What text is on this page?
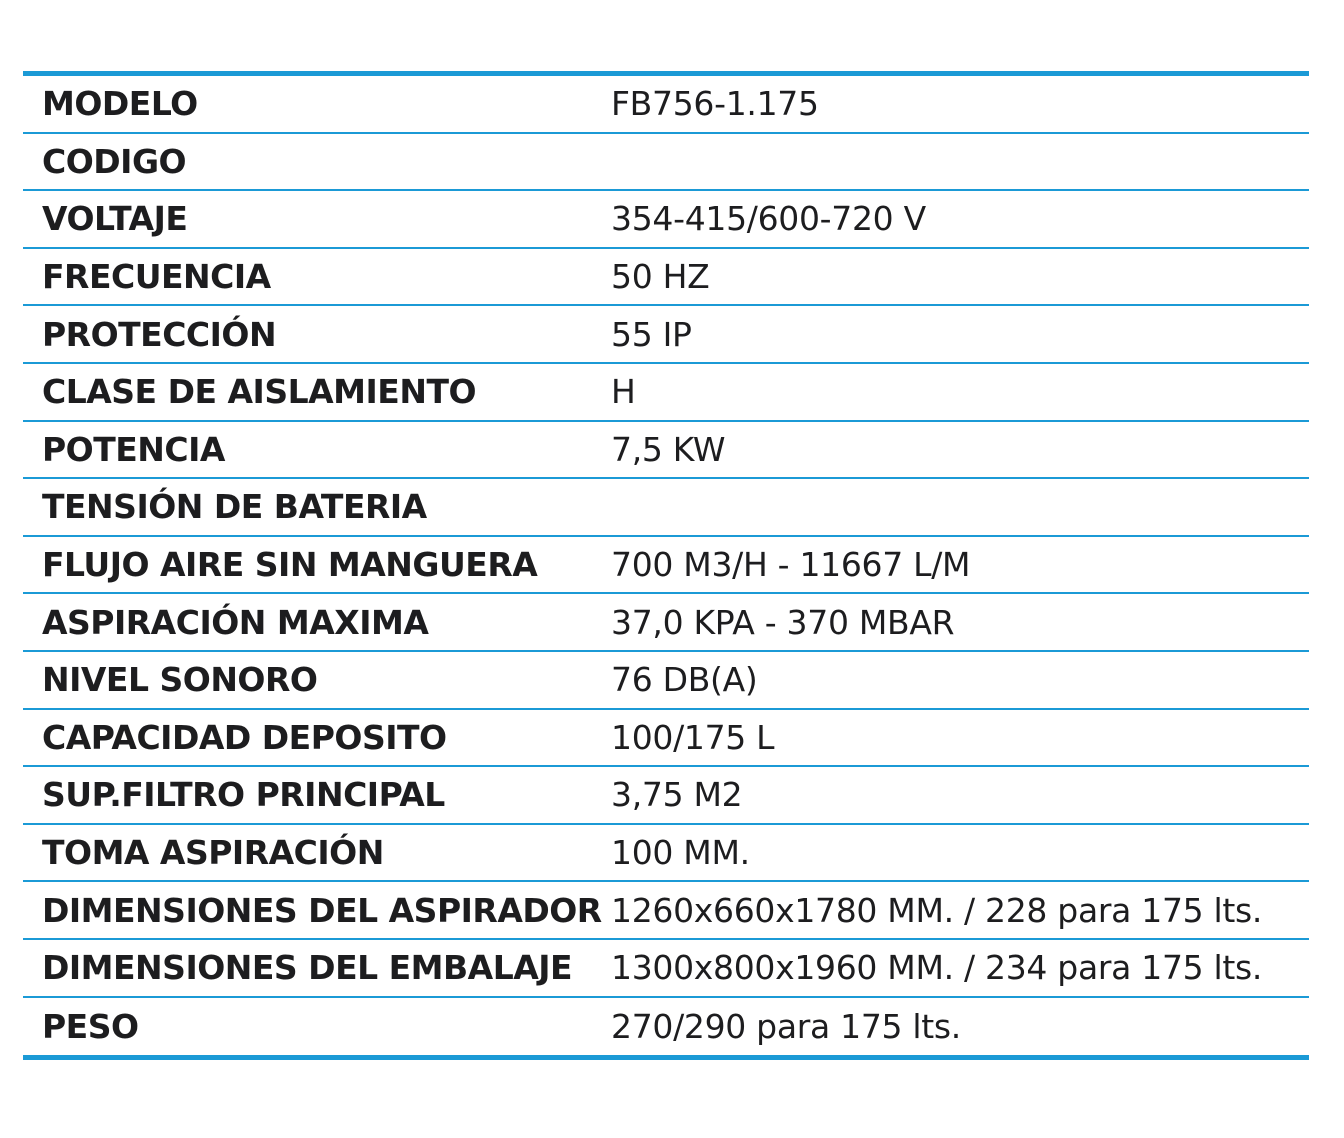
MODELO	FB756-1.175
CODIGO
VOLTAJE	354-415/600-720 V
FRECUENCIA	50 HZ
PROTECCIÓN	55 IP
CLASE DE AISLAMIENTO	H
POTENCIA	7,5 KW
TENSIÓN DE BATERIA
FLUJO AIRE SIN MANGUERA	700 M3/H - 11667 L/M
ASPIRACIÓN MAXIMA	37,0 KPA - 370 MBAR
NIVEL SONORO	76 DB(A)
CAPACIDAD DEPOSITO	100/175 L
SUP.FILTRO PRINCIPAL	3,75 M2
TOMA ASPIRACIÓN	100 MM.
DIMENSIONES DEL ASPIRADOR 1260x660x1780 MM. / 228 para 175 lts.
DIMENSIONES DEL EMBALAJE	1300x800x1960 MM. / 234 para 175 lts.
PESO	270/290 para 175 lts.
